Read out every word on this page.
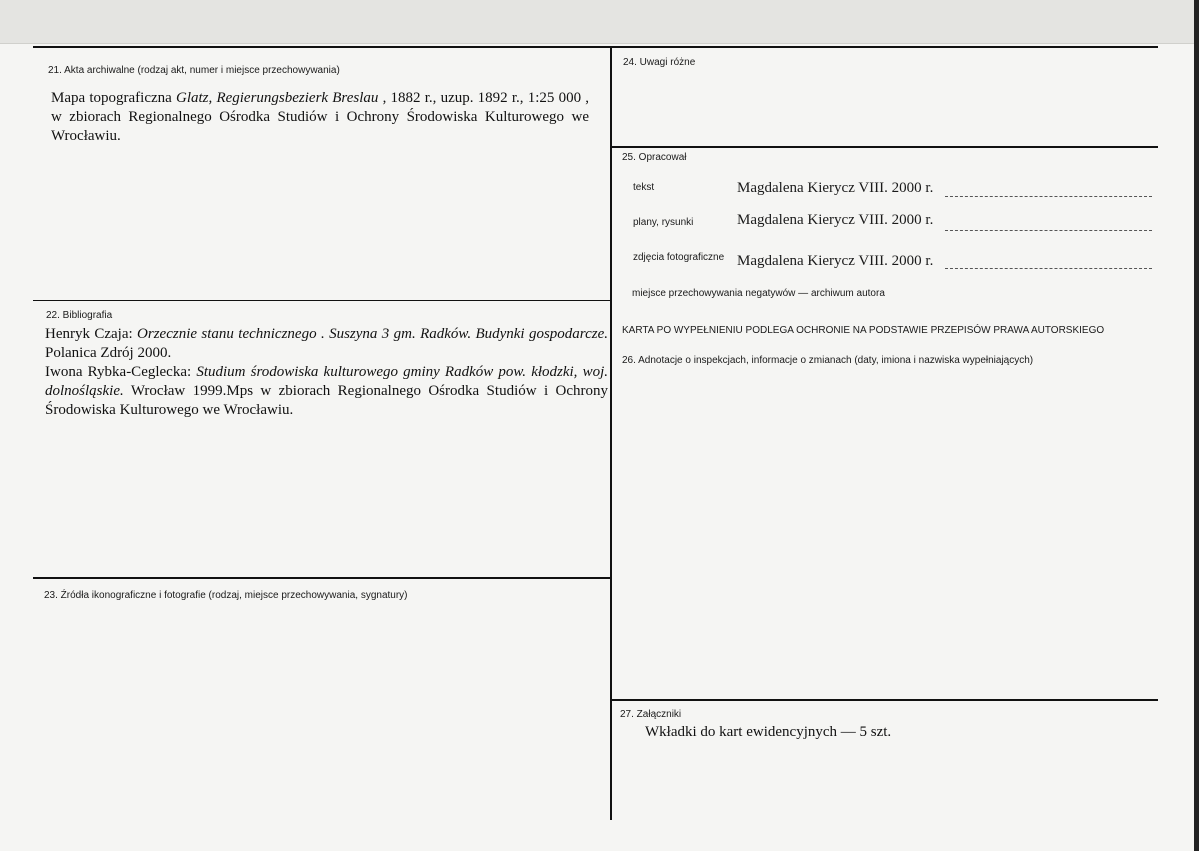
21. Akta archiwalne (rodzaj akt, numer i miejsce przechowywania)
Mapa topograficzna Glatz, Regierungsbezierk Breslau , 1882 r., uzup. 1892 r., 1:25 000 , w zbiorach Regionalnego Ośrodka Studiów i Ochrony Środowiska Kulturowego we Wrocławiu.
22. Bibliografia
Henryk Czaja: Orzecznie stanu technicznego . Suszyna 3 gm. Radków. Budynki gospodarcze. Polanica Zdrój 2000.
Iwona Rybka-Ceglecka: Studium środowiska kulturowego gminy Radków pow. kłodzki, woj. dolnośląskie. Wrocław 1999.Mps w zbiorach Regionalnego Ośrodka Studiów i Ochrony Środowiska Kulturowego we Wrocławiu.
23. Źródła ikonograficzne i fotografie (rodzaj, miejsce przechowywania, sygnatury)
24. Uwagi różne
25. Opracował
tekst	Magdalena Kierycz VIII. 2000 r.
plany, rysunki	Magdalena Kierycz VIII. 2000 r.
zdjęcia fotograficzne Magdalena Kierycz VIII. 2000 r.
miejsce przechowywania negatywów — archiwum autora
KARTA PO WYPEŁNIENIU PODLEGA OCHRONIE NA PODSTAWIE PRZEPISÓW PRAWA AUTORSKIEGO
26. Adnotacje o inspekcjach, informacje o zmianach (daty, imiona i nazwiska wypełniających)
27. Załączniki
Wkładki do kart ewidencyjnych — 5 szt.
